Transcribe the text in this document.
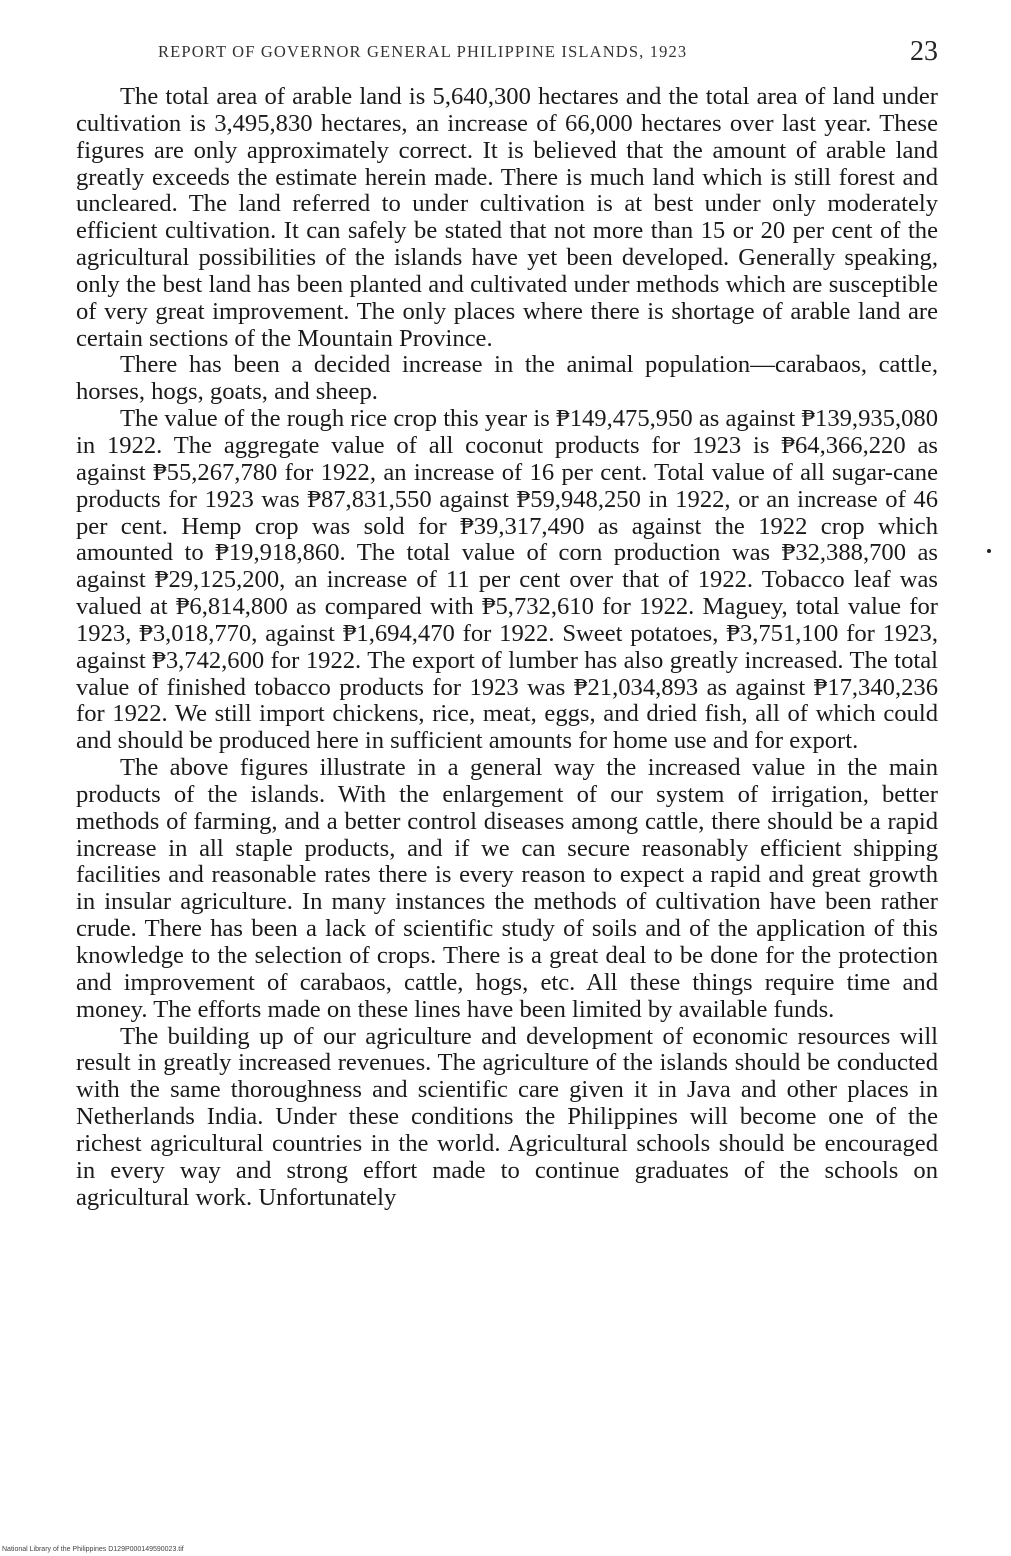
REPORT OF GOVERNOR GENERAL PHILIPPINE ISLANDS, 1923	23

The total area of arable land is 5,640,300 hectares and the total area of land under cultivation is 3,495,830 hectares, an increase of 66,000 hectares over last year. These figures are only approximately correct. It is believed that the amount of arable land greatly exceeds the estimate herein made. There is much land which is still forest and uncleared. The land referred to under cultivation is at best under only moderately efficient cultivation. It can safely be stated that not more than 15 or 20 per cent of the agricultural possibilities of the islands have yet been developed. Generally speaking, only the best land has been planted and cultivated under methods which are susceptible of very great improvement. The only places where there is shortage of arable land are certain sections of the Mountain Province.

There has been a decided increase in the animal population—carabaos, cattle, horses, hogs, goats, and sheep.

The value of the rough rice crop this year is ₱149,475,950 as against ₱139,935,080 in 1922. The aggregate value of all coconut products for 1923 is ₱64,366,220 as against ₱55,267,780 for 1922, an increase of 16 per cent. Total value of all sugar-cane products for 1923 was ₱87,831,550 against ₱59,948,250 in 1922, or an increase of 46 per cent. Hemp crop was sold for ₱39,317,490 as against the 1922 crop which amounted to ₱19,918,860. The total value of corn production was ₱32,388,700 as against ₱29,125,200, an increase of 11 per cent over that of 1922. Tobacco leaf was valued at ₱6,814,800 as compared with ₱5,732,610 for 1922. Maguey, total value for 1923, ₱3,018,770, against ₱1,694,470 for 1922. Sweet potatoes, ₱3,751,100 for 1923, against ₱3,742,600 for 1922. The export of lumber has also greatly increased. The total value of finished tobacco products for 1923 was ₱21,034,893 as against ₱17,340,236 for 1922. We still import chickens, rice, meat, eggs, and dried fish, all of which could and should be produced here in sufficient amounts for home use and for export.

The above figures illustrate in a general way the increased value in the main products of the islands. With the enlargement of our system of irrigation, better methods of farming, and a better control diseases among cattle, there should be a rapid increase in all staple products, and if we can secure reasonably efficient shipping facilities and reasonable rates there is every reason to expect a rapid and great growth in insular agriculture. In many instances the methods of cultivation have been rather crude. There has been a lack of scientific study of soils and of the application of this knowledge to the selection of crops. There is a great deal to be done for the protection and improvement of carabaos, cattle, hogs, etc. All these things require time and money. The efforts made on these lines have been limited by available funds.

The building up of our agriculture and development of economic resources will result in greatly increased revenues. The agriculture of the islands should be conducted with the same thoroughness and scientific care given it in Java and other places in Netherlands India. Under these conditions the Philippines will become one of the richest agricultural countries in the world. Agricultural schools should be encouraged in every way and strong effort made to continue graduates of the schools on agricultural work. Unfortunately

National Library of the Philippines D129P000149590023.tif
